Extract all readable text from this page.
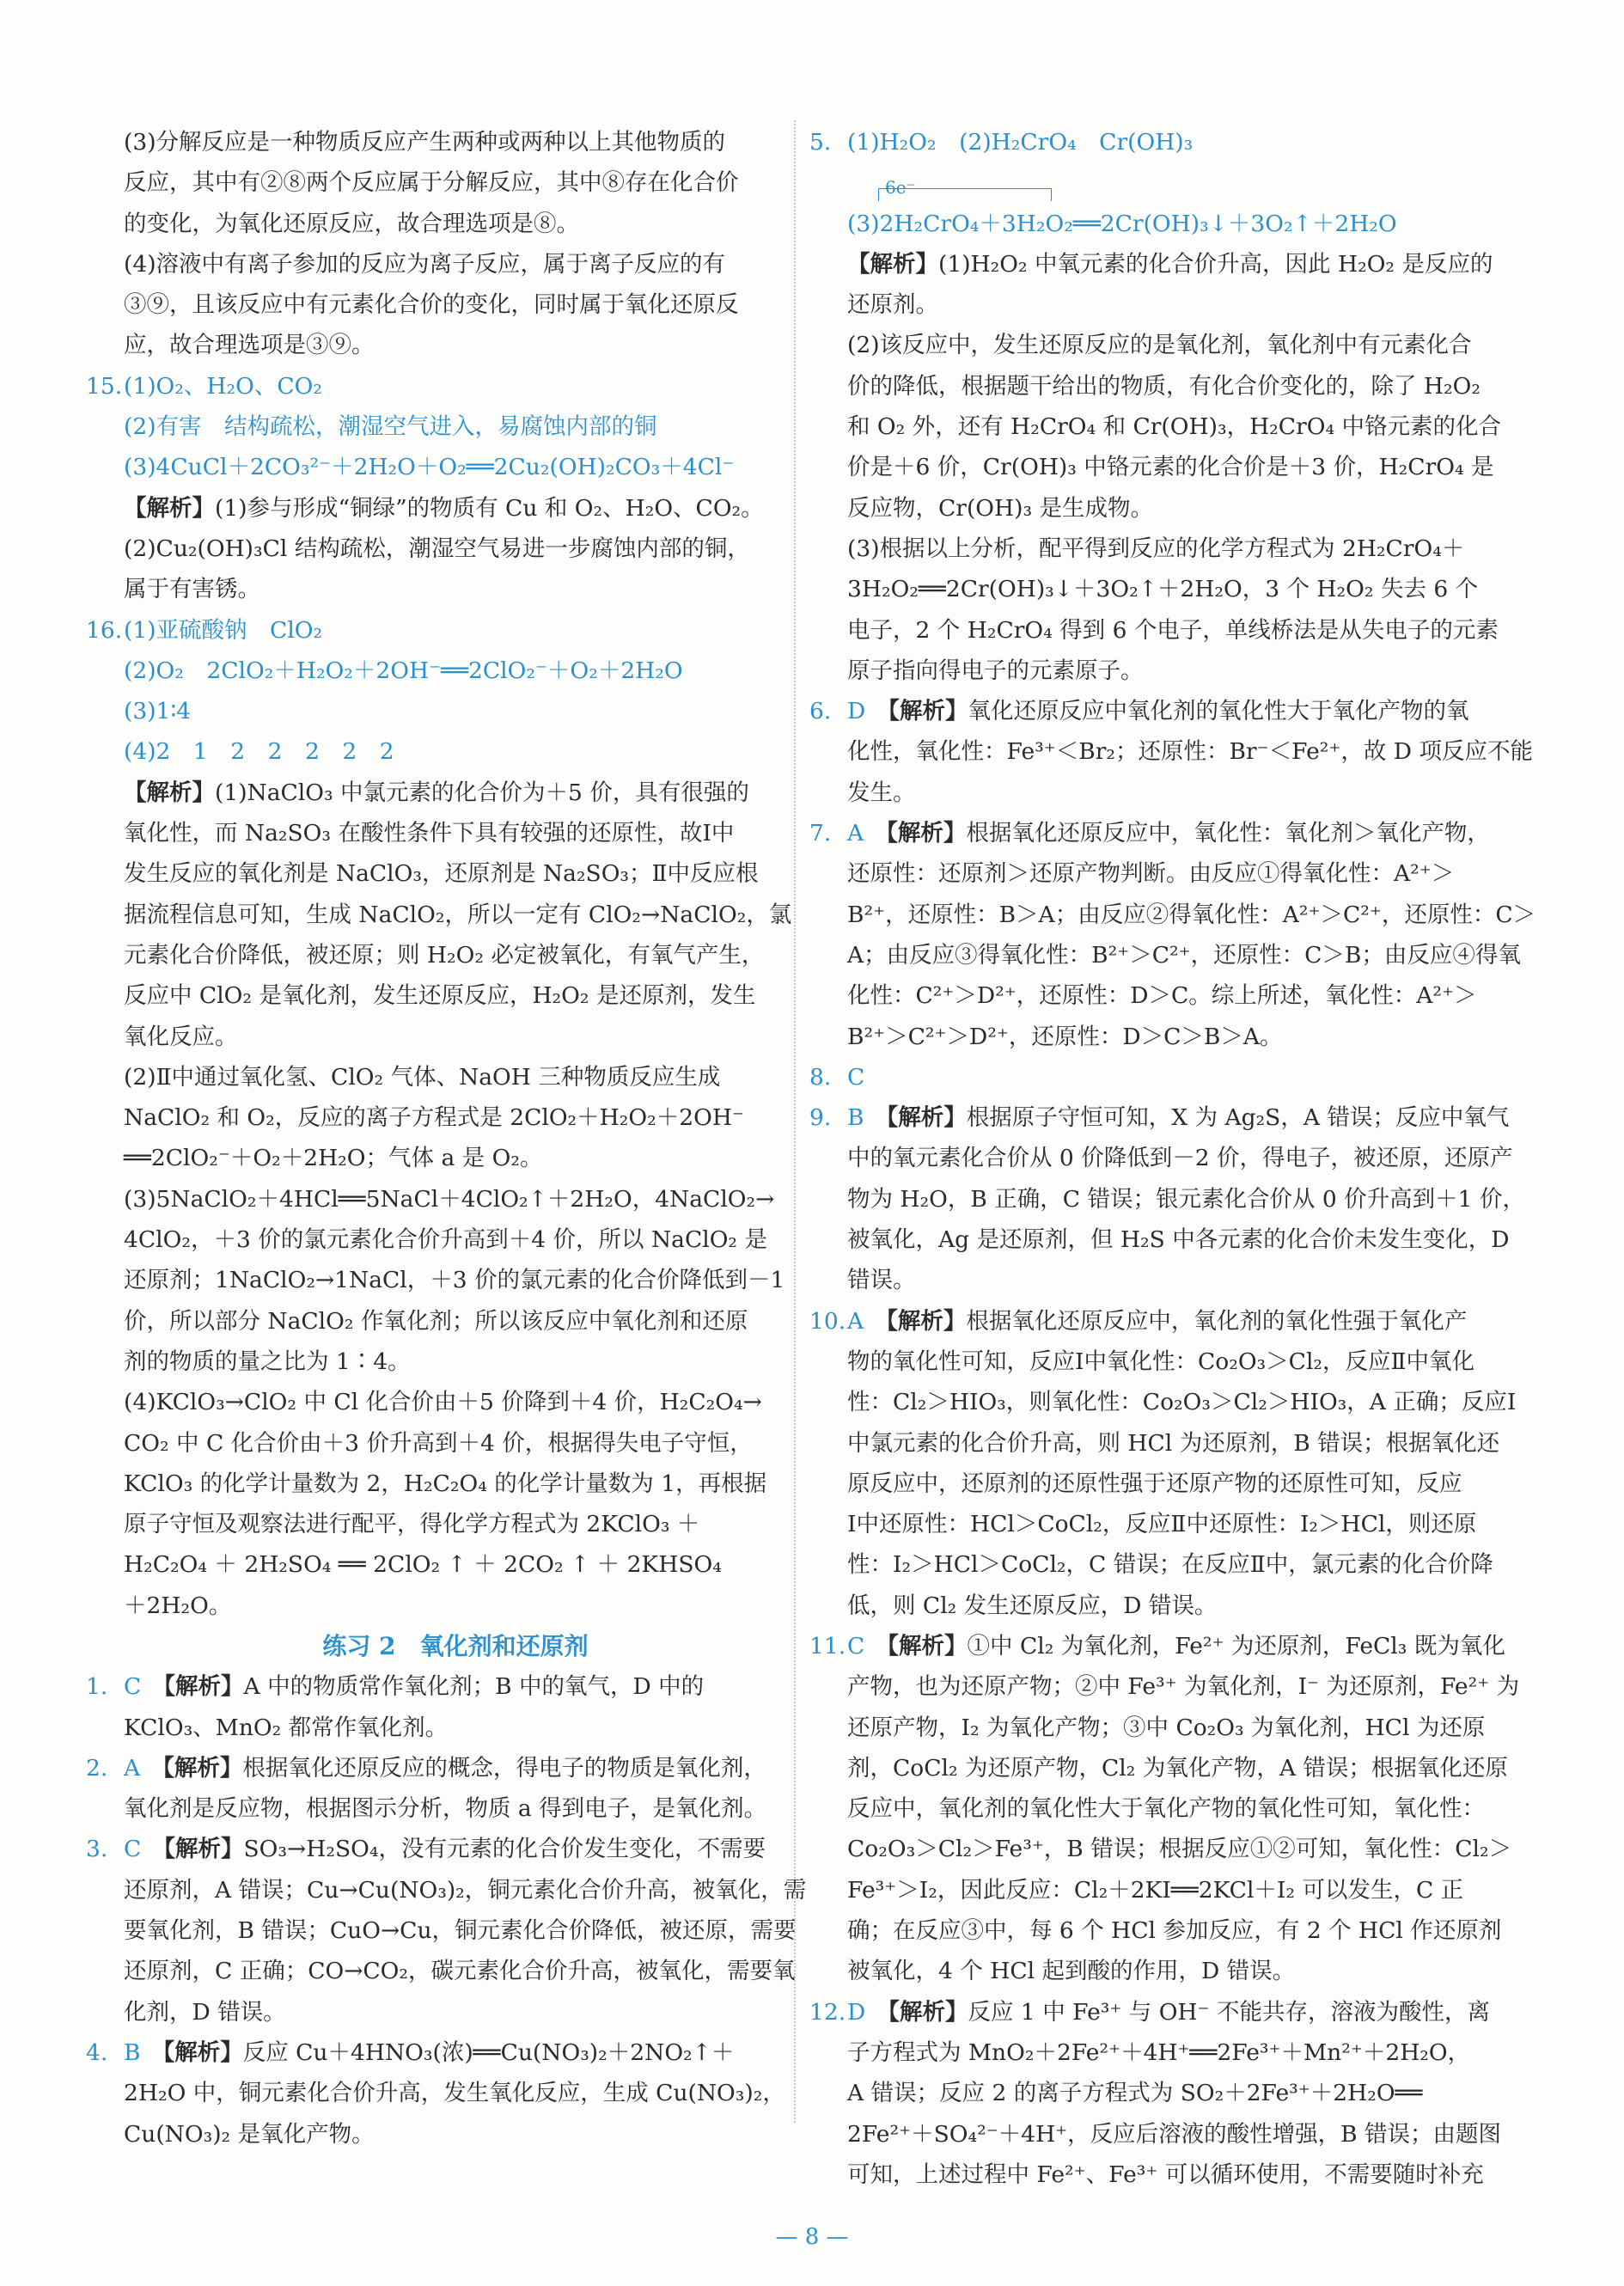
(3)分解反应是一种物质反应产生两种或两种以上其他物质的
反应，其中有②⑧两个反应属于分解反应，其中⑧存在化合价
的变化，为氧化还原反应，故合理选项是⑧。
(4)溶液中有离子参加的反应为离子反应，属于离子反应的有
③⑨，且该反应中有元素化合价的变化，同时属于氧化还原反
应，故合理选项是③⑨。
15.(1)O₂、H₂O、CO₂
(2)有害　结构疏松，潮湿空气进入，易腐蚀内部的铜
(3)4CuCl＋2CO₃²⁻＋2H₂O＋O₂══2Cu₂(OH)₂CO₃＋4Cl⁻
【解析】(1)参与形成“铜绿”的物质有 Cu 和 O₂、H₂O、CO₂。
(2)Cu₂(OH)₃Cl 结构疏松，潮湿空气易进一步腐蚀内部的铜，
属于有害锈。
16.(1)亚硫酸钠　ClO₂
(2)O₂　2ClO₂＋H₂O₂＋2OH⁻══2ClO₂⁻＋O₂＋2H₂O
(3)1∶4
(4)2　1　2　2　2　2　2
【解析】(1)NaClO₃ 中氯元素的化合价为＋5 价，具有很强的
氧化性，而 Na₂SO₃ 在酸性条件下具有较强的还原性，故Ⅰ中
发生反应的氧化剂是 NaClO₃，还原剂是 Na₂SO₃；Ⅱ中反应根
据流程信息可知，生成 NaClO₂，所以一定有 ClO₂→NaClO₂，氯
元素化合价降低，被还原；则 H₂O₂ 必定被氧化，有氧气产生，
反应中 ClO₂ 是氧化剂，发生还原反应，H₂O₂ 是还原剂，发生
氧化反应。
(2)Ⅱ中通过氧化氢、ClO₂ 气体、NaOH 三种物质反应生成
NaClO₂ 和 O₂，反应的离子方程式是 2ClO₂＋H₂O₂＋2OH⁻
══2ClO₂⁻＋O₂＋2H₂O；气体 a 是 O₂。
(3)5NaClO₂＋4HCl══5NaCl＋4ClO₂↑＋2H₂O，4NaClO₂→
4ClO₂，＋3 价的氯元素化合价升高到＋4 价，所以 NaClO₂ 是
还原剂；1NaClO₂→1NaCl，＋3 价的氯元素的化合价降低到－1
价，所以部分 NaClO₂ 作氧化剂；所以该反应中氧化剂和还原
剂的物质的量之比为 1∶4。
(4)KClO₃→ClO₂ 中 Cl 化合价由＋5 价降到＋4 价，H₂C₂O₄→
CO₂ 中 C 化合价由＋3 价升高到＋4 价，根据得失电子守恒，
KClO₃ 的化学计量数为 2，H₂C₂O₄ 的化学计量数为 1，再根据
原子守恒及观察法进行配平，得化学方程式为 2KClO₃ ＋
H₂C₂O₄ ＋ 2H₂SO₄ ══ 2ClO₂ ↑ ＋ 2CO₂ ↑ ＋ 2KHSO₄
＋2H₂O。
练习 2　氧化剂和还原剂
1. C　 【解析】A 中的物质常作氧化剂；B 中的氧气，D 中的
KClO₃、MnO₂ 都常作氧化剂。
2. A　 【解析】根据氧化还原反应的概念，得电子的物质是氧化剂，
氧化剂是反应物，根据图示分析，物质 a 得到电子，是氧化剂。
3. C　 【解析】SO₃→H₂SO₄，没有元素的化合价发生变化，不需要
还原剂，A 错误；Cu→Cu(NO₃)₂，铜元素化合价升高，被氧化，需
要氧化剂，B 错误；CuO→Cu，铜元素化合价降低，被还原，需要
还原剂，C 正确；CO→CO₂，碳元素化合价升高，被氧化，需要氧
化剂，D 错误。
4. B　 【解析】反应 Cu＋4HNO₃(浓)══Cu(NO₃)₂＋2NO₂↑＋
2H₂O 中，铜元素化合价升高，发生氧化反应，生成 Cu(NO₃)₂，
Cu(NO₃)₂ 是氧化产物。
5. (1)H₂O₂　(2)H₂CrO₄　Cr(OH)₃
6e⁻
(3)2H₂CrO₄＋3H₂O₂══2Cr(OH)₃↓＋3O₂↑＋2H₂O
【解析】(1)H₂O₂ 中氧元素的化合价升高，因此 H₂O₂ 是反应的
还原剂。
(2)该反应中，发生还原反应的是氧化剂，氧化剂中有元素化合
价的降低，根据题干给出的物质，有化合价变化的，除了 H₂O₂
和 O₂ 外，还有 H₂CrO₄ 和 Cr(OH)₃，H₂CrO₄ 中铬元素的化合
价是＋6 价，Cr(OH)₃ 中铬元素的化合价是＋3 价，H₂CrO₄ 是
反应物，Cr(OH)₃ 是生成物。
(3)根据以上分析，配平得到反应的化学方程式为 2H₂CrO₄＋
3H₂O₂══2Cr(OH)₃↓＋3O₂↑＋2H₂O，3 个 H₂O₂ 失去 6 个
电子，2 个 H₂CrO₄ 得到 6 个电子，单线桥法是从失电子的元素
原子指向得电子的元素原子。
6. D　 【解析】氧化还原反应中氧化剂的氧化性大于氧化产物的氧
化性，氧化性：Fe³⁺＜Br₂；还原性：Br⁻＜Fe²⁺，故 D 项反应不能
发生。
7. A　 【解析】根据氧化还原反应中，氧化性：氧化剂＞氧化产物，
还原性：还原剂＞还原产物判断。由反应①得氧化性：A²⁺＞
B²⁺，还原性：B＞A；由反应②得氧化性：A²⁺＞C²⁺，还原性：C＞
A；由反应③得氧化性：B²⁺＞C²⁺，还原性：C＞B；由反应④得氧
化性：C²⁺＞D²⁺，还原性：D＞C。综上所述，氧化性：A²⁺＞
B²⁺＞C²⁺＞D²⁺，还原性：D＞C＞B＞A。
8. C　
9. B　 【解析】根据原子守恒可知，X 为 Ag₂S，A 错误；反应中氧气
中的氧元素化合价从 0 价降低到－2 价，得电子，被还原，还原产
物为 H₂O，B 正确，C 错误；银元素化合价从 0 价升高到＋1 价，
被氧化，Ag 是还原剂，但 H₂S 中各元素的化合价未发生变化，D
错误。
10.A　 【解析】根据氧化还原反应中，氧化剂的氧化性强于氧化产
物的氧化性可知，反应Ⅰ中氧化性：Co₂O₃＞Cl₂，反应Ⅱ中氧化
性：Cl₂＞HIO₃，则氧化性：Co₂O₃＞Cl₂＞HIO₃，A 正确；反应Ⅰ
中氯元素的化合价升高，则 HCl 为还原剂，B 错误；根据氧化还
原反应中，还原剂的还原性强于还原产物的还原性可知，反应
Ⅰ中还原性：HCl＞CoCl₂，反应Ⅱ中还原性：I₂＞HCl，则还原
性：I₂＞HCl＞CoCl₂，C 错误；在反应Ⅱ中，氯元素的化合价降
低，则 Cl₂ 发生还原反应，D 错误。
11.C　 【解析】①中 Cl₂ 为氧化剂，Fe²⁺ 为还原剂，FeCl₃ 既为氧化
产物，也为还原产物；②中 Fe³⁺ 为氧化剂，I⁻ 为还原剂，Fe²⁺ 为
还原产物，I₂ 为氧化产物；③中 Co₂O₃ 为氧化剂，HCl 为还原
剂，CoCl₂ 为还原产物，Cl₂ 为氧化产物，A 错误；根据氧化还原
反应中，氧化剂的氧化性大于氧化产物的氧化性可知，氧化性：
Co₂O₃＞Cl₂＞Fe³⁺，B 错误；根据反应①②可知，氧化性：Cl₂＞
Fe³⁺＞I₂，因此反应：Cl₂＋2KI══2KCl＋I₂ 可以发生，C 正
确；在反应③中，每 6 个 HCl 参加反应，有 2 个 HCl 作还原剂
被氧化，4 个 HCl 起到酸的作用，D 错误。
12.D　 【解析】反应 1 中 Fe³⁺ 与 OH⁻ 不能共存，溶液为酸性，离
子方程式为 MnO₂＋2Fe²⁺＋4H⁺══2Fe³⁺＋Mn²⁺＋2H₂O，
A 错误；反应 2 的离子方程式为 SO₂＋2Fe³⁺＋2H₂O══
2Fe²⁺＋SO₄²⁻＋4H⁺，反应后溶液的酸性增强，B 错误；由题图
可知，上述过程中 Fe²⁺、Fe³⁺ 可以循环使用，不需要随时补充
— 8 —
